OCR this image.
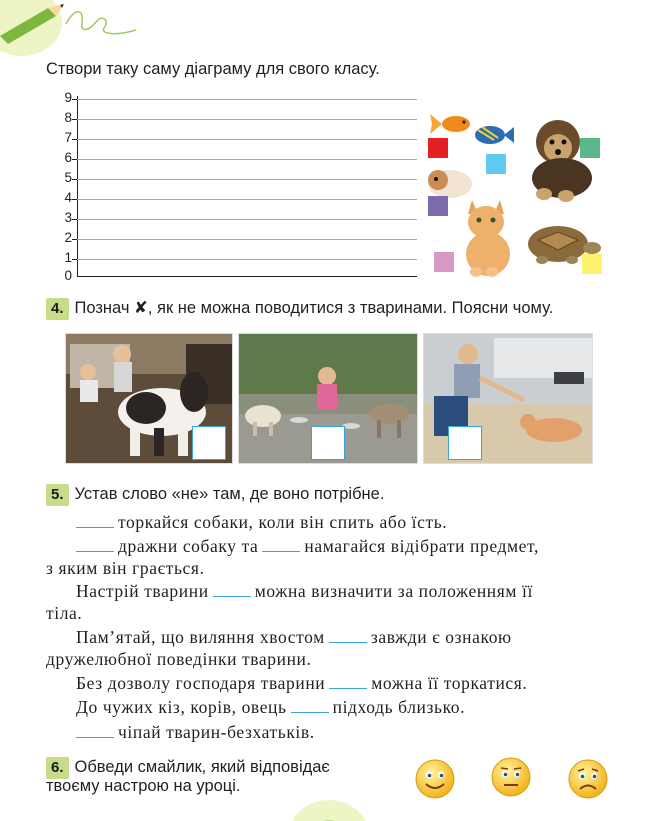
Створи таку саму діаграму для свого класу.
9
8
7
6
5
4
3
2
1
0
4. Познач ✘, як не можна поводитися з тваринами. Поясни чому.
5. Устав слово «не» там, де воно потрібне.
торкайся собаки, коли він спить або їсть.
дражни собаку та	намагайся відібрати предмет,
з яким він грається.
Настрій тварини	можна визначити за положенням її
тіла.
Пам’ятай, що виляння хвостом	завжди є ознакою
дружелюбної поведінки тварини.
Без дозволу господаря тварини	можна її торкатися.
До чужих кіз, корів, овець	підходь близько.
чіпай тварин-безхатьків.
6. Обведи смайлик, який відповідає
твоєму настрою на уроці.
